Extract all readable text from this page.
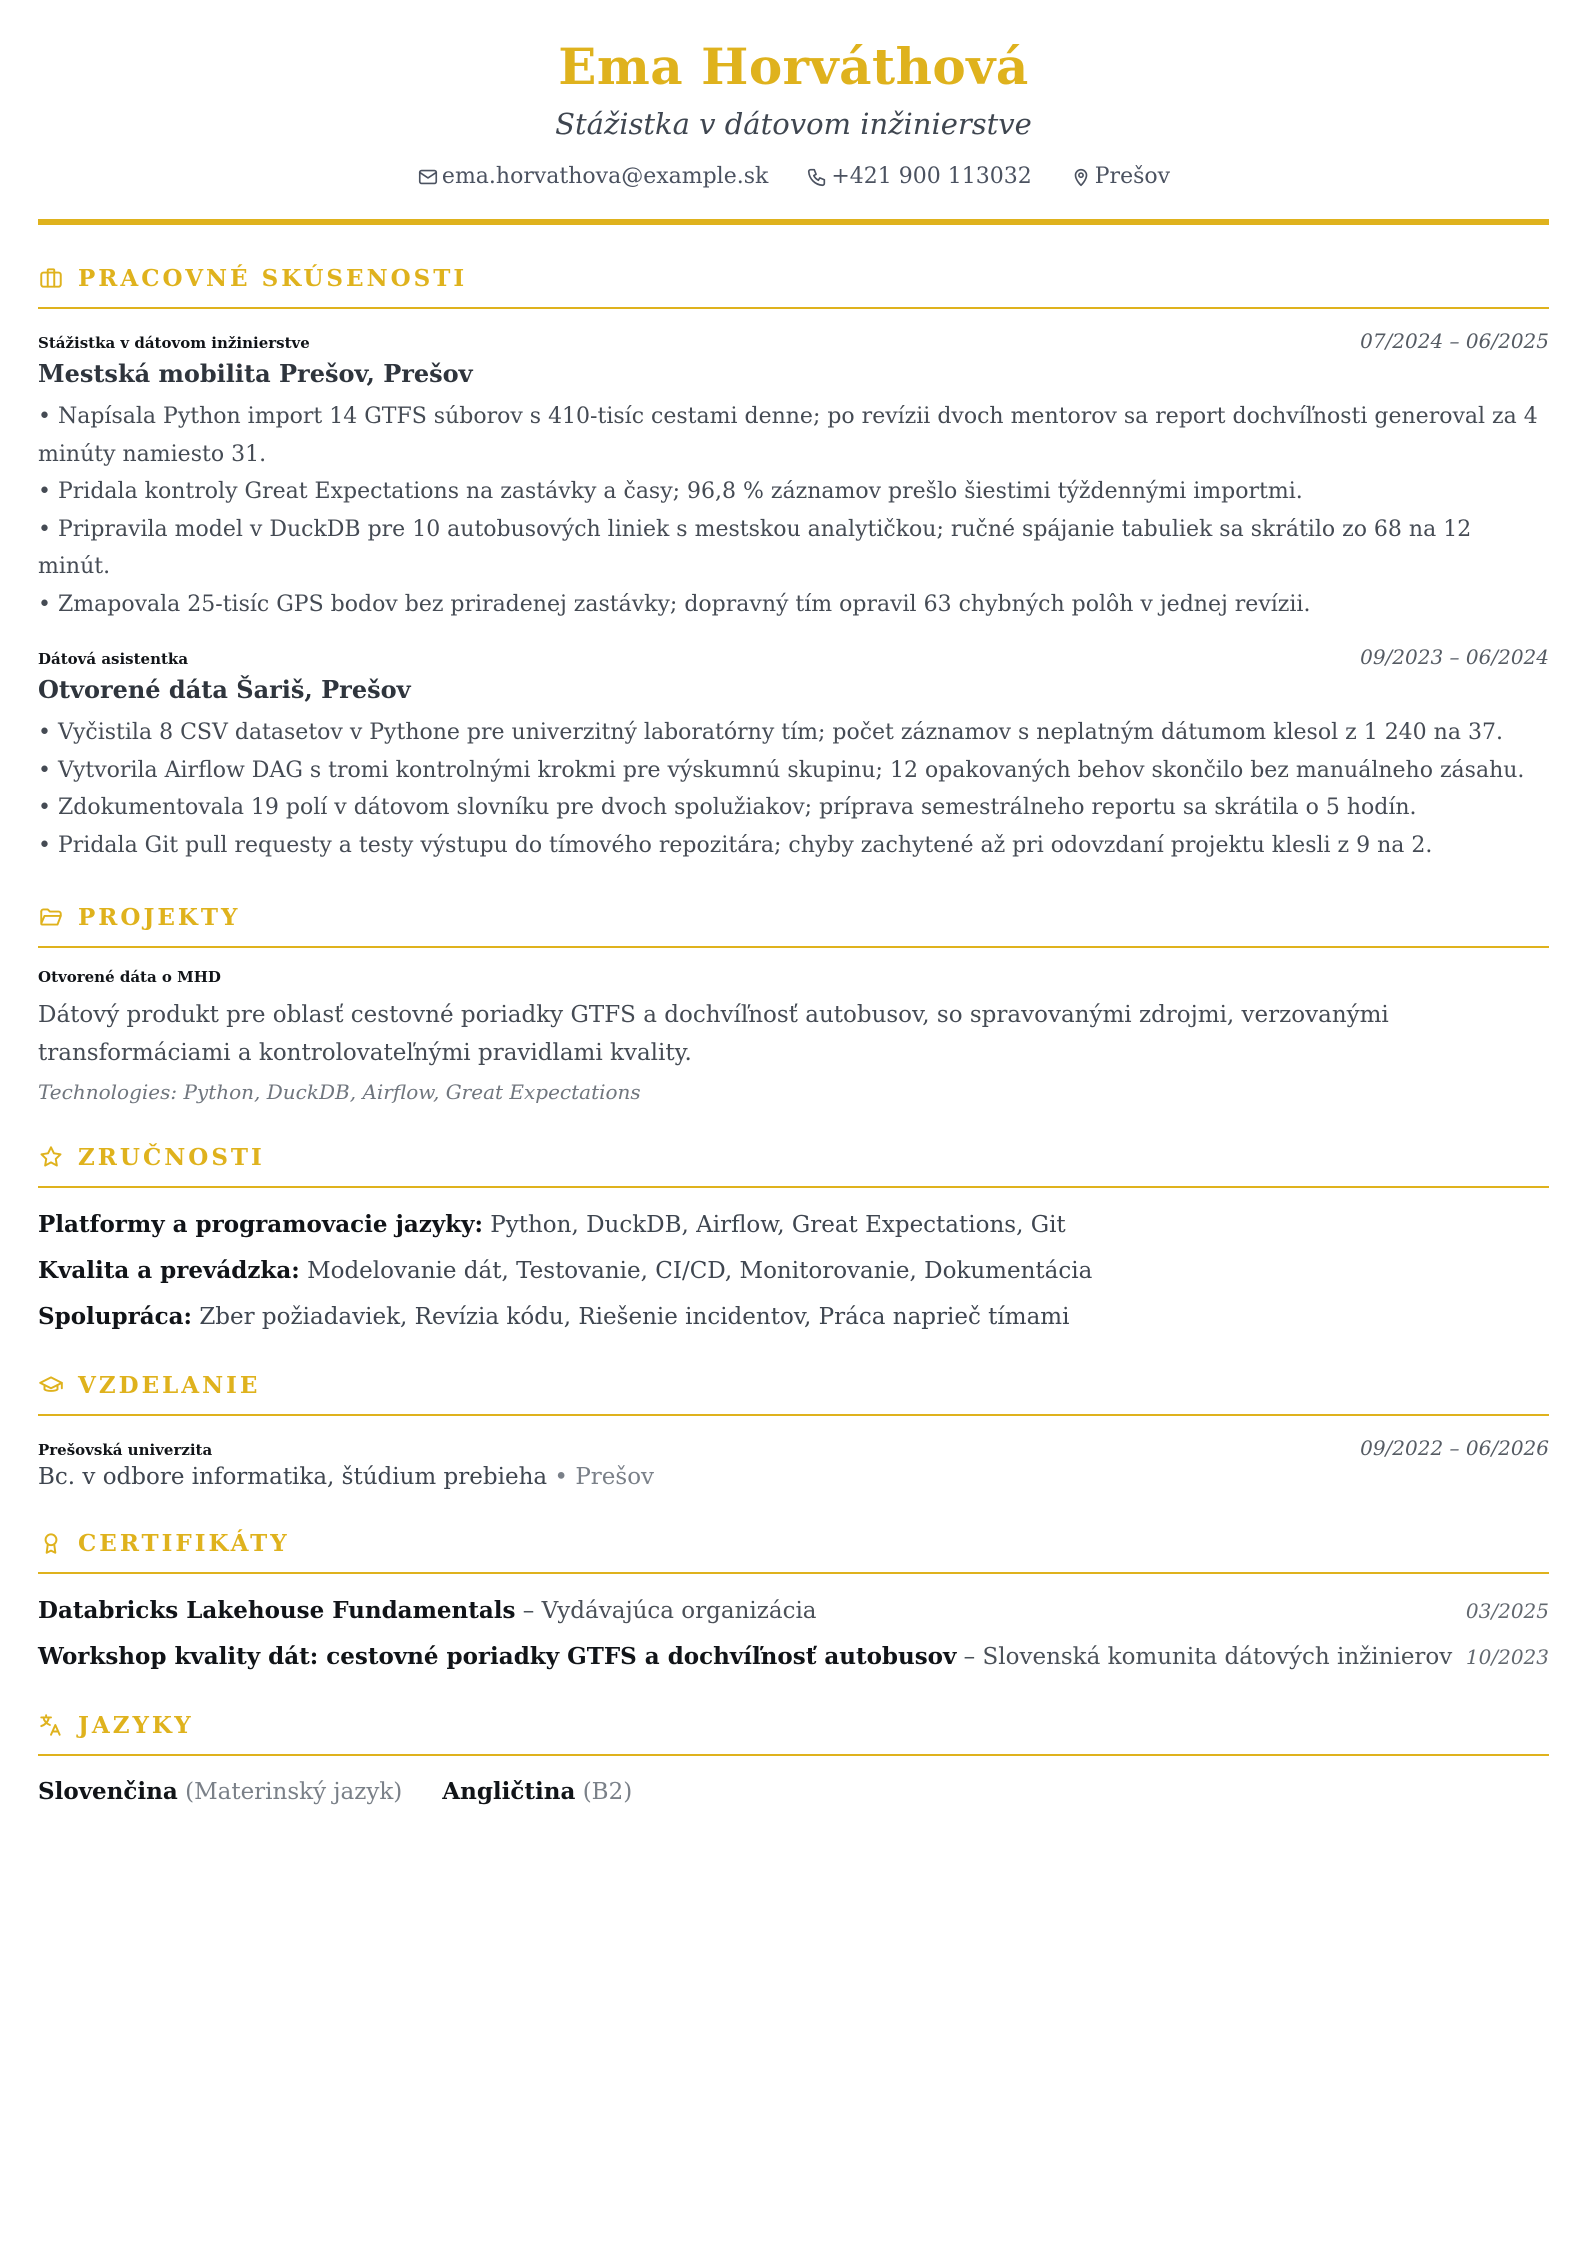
Ema Horváthová
Stážistka v dátovom inžinierstve
ema.horvathova@example.sk	+421 900 113032	Prešov
PRACOVNÉ SKÚSENOSTI
Stážistka v dátovom inžinierstve	07/2024 – 06/2025
Mestská mobilita Prešov, Prešov
• Napísala Python import 14 GTFS súborov s 410-tisíc cestami denne; po revízii dvoch mentorov sa report dochvíľnosti generoval za 4 minúty namiesto 31.
• Pridala kontroly Great Expectations na zastávky a časy; 96,8 % záznamov prešlo šiestimi týždennými importmi.
• Pripravila model v DuckDB pre 10 autobusových liniek s mestskou analytičkou; ručné spájanie tabuliek sa skrátilo zo 68 na 12 minút.
• Zmapovala 25-tisíc GPS bodov bez priradenej zastávky; dopravný tím opravil 63 chybných polôh v jednej revízii.
Dátová asistentka	09/2023 – 06/2024
Otvorené dáta Šariš, Prešov
• Vyčistila 8 CSV datasetov v Pythone pre univerzitný laboratórny tím; počet záznamov s neplatným dátumom klesol z 1 240 na 37.
• Vytvorila Airflow DAG s tromi kontrolnými krokmi pre výskumnú skupinu; 12 opakovaných behov skončilo bez manuálneho zásahu.
• Zdokumentovala 19 polí v dátovom slovníku pre dvoch spolužiakov; príprava semestrálneho reportu sa skrátila o 5 hodín.
• Pridala Git pull requesty a testy výstupu do tímového repozitára; chyby zachytené až pri odovzdaní projektu klesli z 9 na 2.
PROJEKTY
Otvorené dáta o MHD
Dátový produkt pre oblasť cestovné poriadky GTFS a dochvíľnosť autobusov, so spravovanými zdrojmi, verzovanými transformáciami a kontrolovateľnými pravidlami kvality.
Technologies: Python, DuckDB, Airflow, Great Expectations
ZRUČNOSTI
Platformy a programovacie jazyky: Python, DuckDB, Airflow, Great Expectations, Git
Kvalita a prevádzka: Modelovanie dát, Testovanie, CI/CD, Monitorovanie, Dokumentácia
Spolupráca: Zber požiadaviek, Revízia kódu, Riešenie incidentov, Práca naprieč tímami
VZDELANIE
Prešovská univerzita	09/2022 – 06/2026
Bc. v odbore informatika, štúdium prebieha • Prešov
CERTIFIKÁTY
Databricks Lakehouse Fundamentals – Vydávajúca organizácia	03/2025
Workshop kvality dát: cestovné poriadky GTFS a dochvíľnosť autobusov – Slovenská komunita dátových inžinierov 10/2023
JAZYKY
Slovenčina (Materinský jazyk) Angličtina (B2)
